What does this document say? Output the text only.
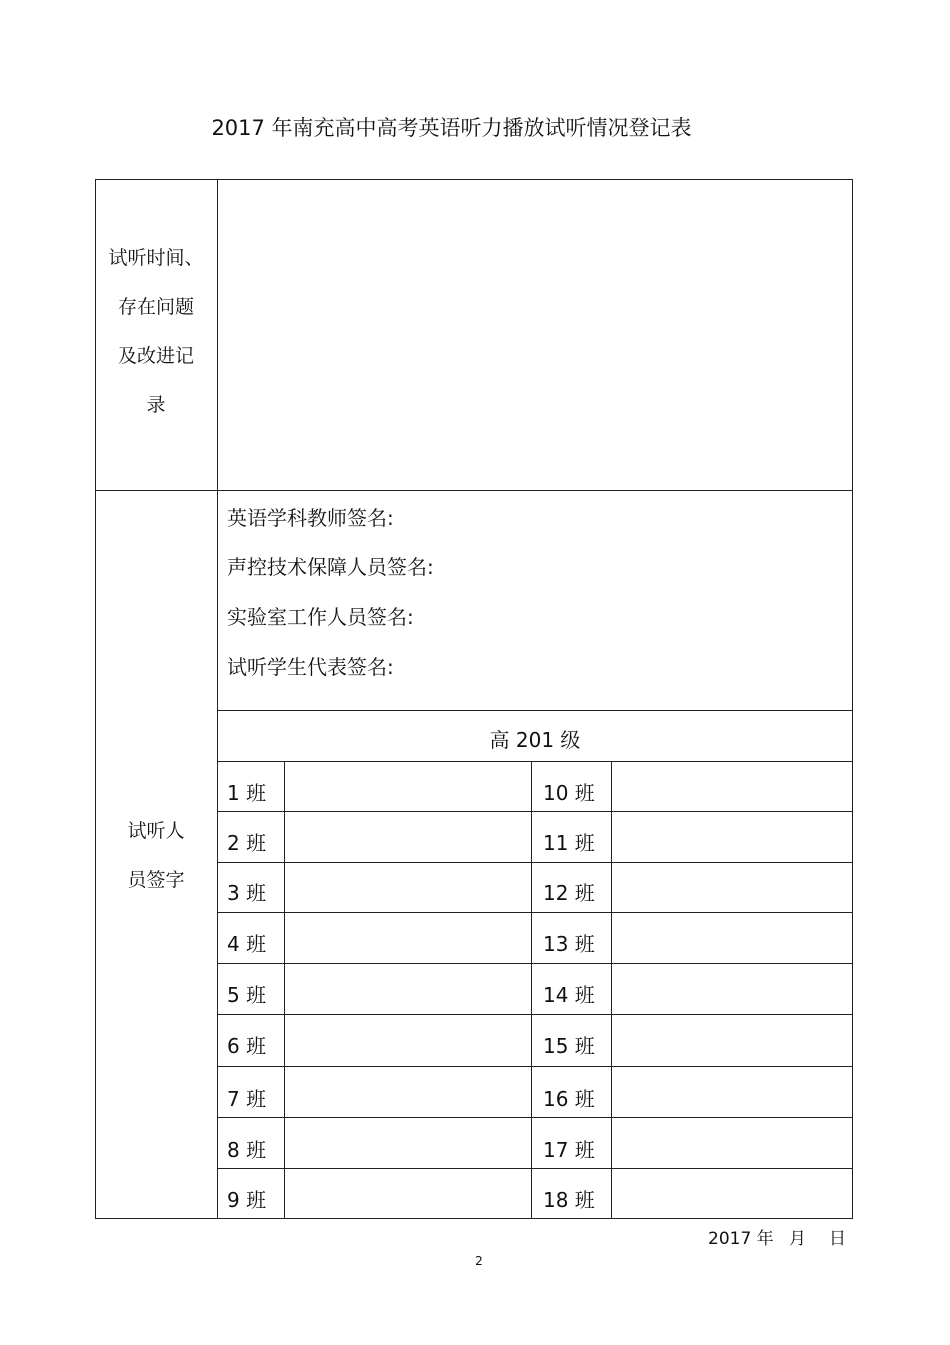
2017 年南充高中高考英语听力播放试听情况登记表
试听时间、
存在问题
及改进记
录
试听人
员签字
英语学科教师签名:
声控技术保障人员签名:
实验室工作人员签名:
试听学生代表签名:
高 201 级
1 班
2 班
3 班
4 班
5 班
6 班
7 班
8 班
9 班
10 班
11 班
12 班
13 班
14 班
15 班
16 班
17 班
18 班
2017 年 月 日
2
